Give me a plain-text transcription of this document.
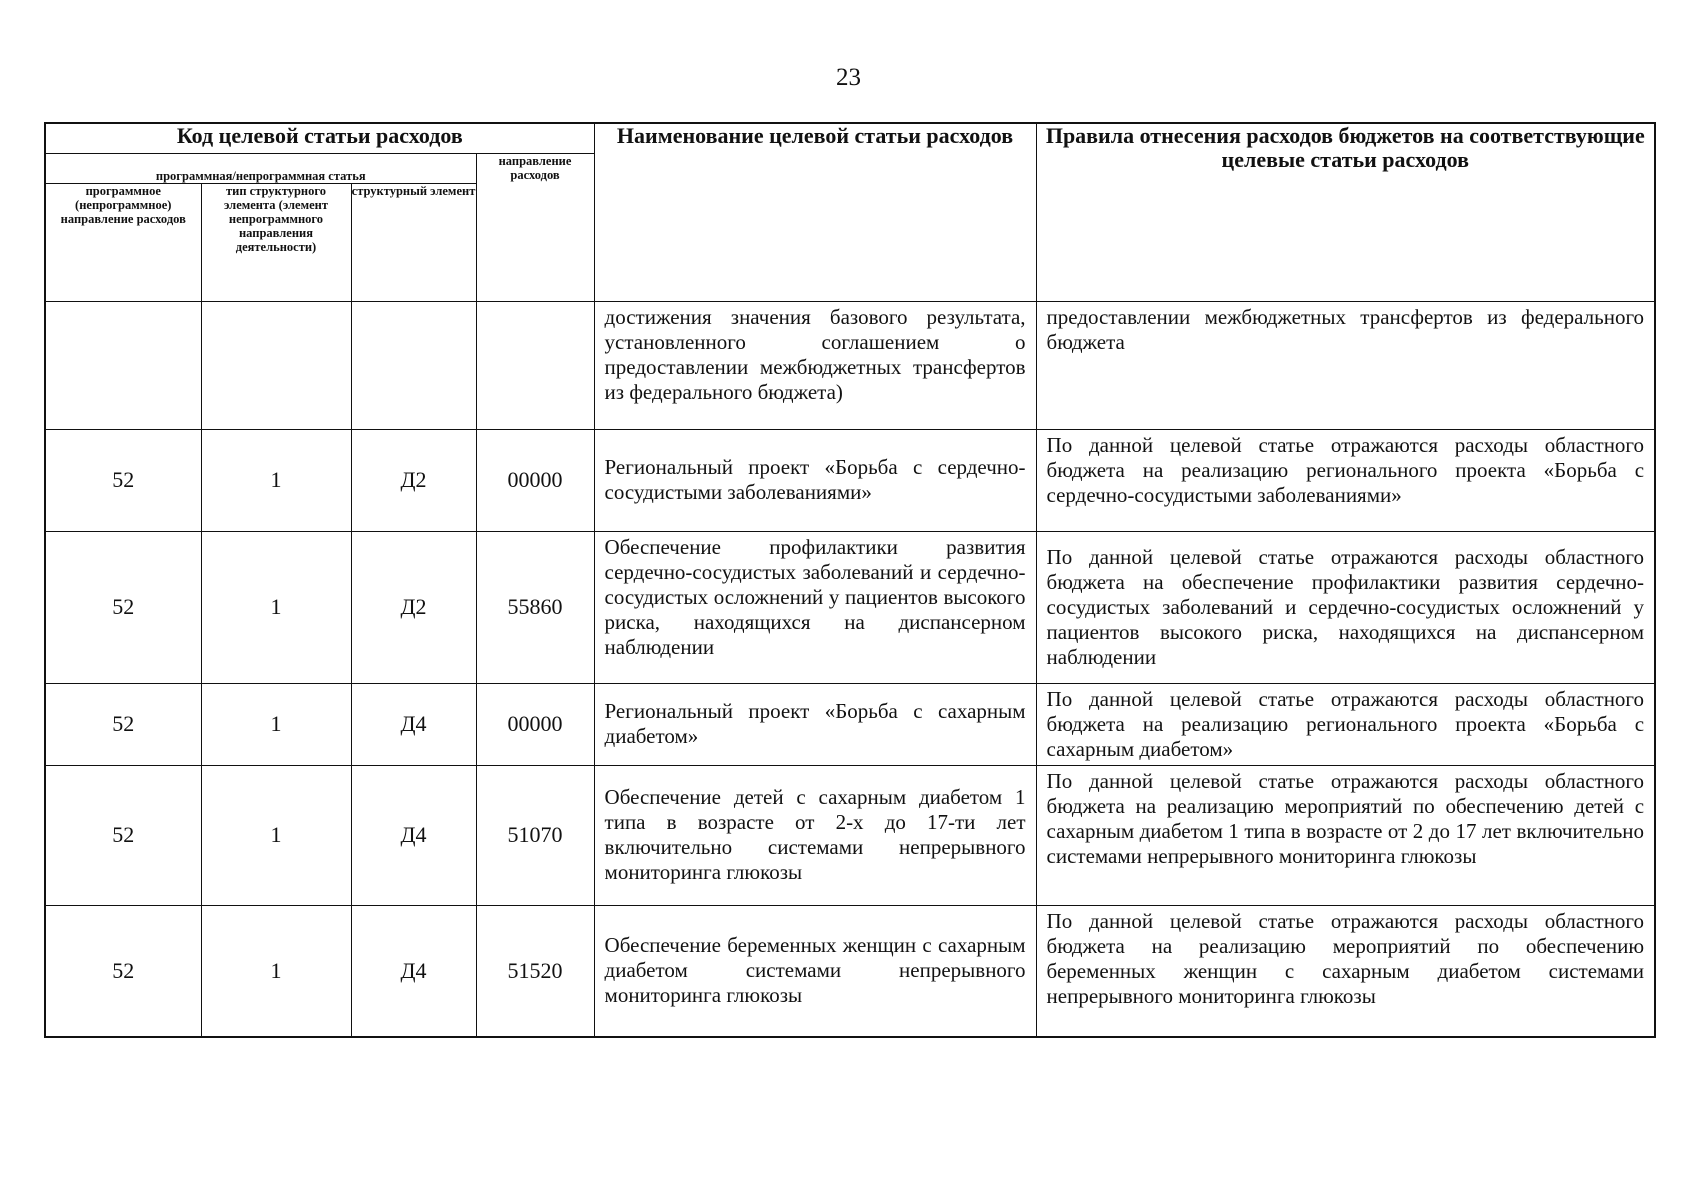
23
Код целевой статьи расходов				Наименование целевой статьи расходов	Правила отнесения расходов бюджетов на соответствующие целевые статьи расходов
программная/непрограммная статья			направление расходов		
программное (непрограммное) направление расходов	тип структурного элемента (элемент непрограммного направления деятельности)	структурный элемент			
				достижения значения базового результата, установленного соглашением о предоставлении межбюджетных трансфертов из федерального бюджета)	предоставлении межбюджетных трансфертов из федерального бюджета
52	1	Д2	00000	Региональный проект «Борьба с сердечно-сосудистыми заболеваниями»	По данной целевой статье отражаются расходы областного бюджета на реализацию регионального проекта «Борьба с сердечно-сосудистыми заболеваниями»
52	1	Д2	55860	Обеспечение профилактики развития сердечно-сосудистых заболеваний и сердечно-сосудистых осложнений у пациентов высокого риска, находящихся на диспансерном наблюдении	По данной целевой статье отражаются расходы областного бюджета на обеспечение профилактики развития сердечно-сосудистых заболеваний и сердечно-сосудистых осложнений у пациентов высокого риска, находящихся на диспансерном наблюдении
52	1	Д4	00000	Региональный проект «Борьба с сахарным диабетом»	По данной целевой статье отражаются расходы областного бюджета на реализацию регионального проекта «Борьба с сахарным диабетом»
52	1	Д4	51070	Обеспечение детей с сахарным диабетом 1 типа в возрасте от 2-х до 17-ти лет включительно системами непрерывного мониторинга глюкозы	По данной целевой статье отражаются расходы областного бюджета на реализацию мероприятий по обеспечению детей с сахарным диабетом 1 типа в возрасте от 2 до 17 лет включительно системами непрерывного мониторинга глюкозы
52	1	Д4	51520	Обеспечение беременных женщин с сахарным диабетом системами непрерывного мониторинга глюкозы	По данной целевой статье отражаются расходы областного бюджета на реализацию мероприятий по обеспечению беременных женщин с сахарным диабетом системами непрерывного мониторинга глюкозы
